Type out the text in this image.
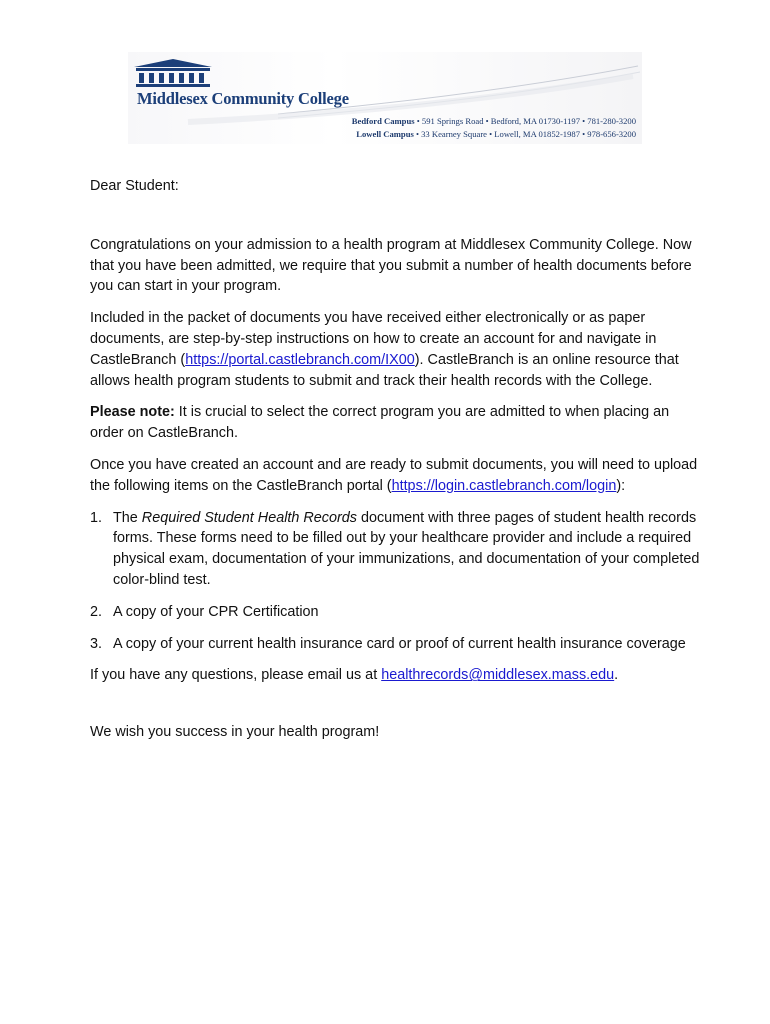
Middlesex Community College
Bedford Campus • 591 Springs Road • Bedford, MA 01730-1197 • 781-280-3200
Lowell Campus • 33 Kearney Square • Lowell, MA 01852-1987 • 978-656-3200

Dear Student:

Congratulations on your admission to a health program at Middlesex Community College. Now that you have been admitted, we require that you submit a number of health documents before you can start in your program.

Included in the packet of documents you have received either electronically or as paper documents, are step-by-step instructions on how to create an account for and navigate in CastleBranch (https://portal.castlebranch.com/IX00). CastleBranch is an online resource that allows health program students to submit and track their health records with the College.

Please note: It is crucial to select the correct program you are admitted to when placing an order on CastleBranch.

Once you have created an account and are ready to submit documents, you will need to upload the following items on the CastleBranch portal (https://login.castlebranch.com/login):

1. The Required Student Health Records document with three pages of student health records forms. These forms need to be filled out by your healthcare provider and include a required physical exam, documentation of your immunizations, and documentation of your completed color-blind test.
2. A copy of your CPR Certification
3. A copy of your current health insurance card or proof of current health insurance coverage

If you have any questions, please email us at healthrecords@middlesex.mass.edu.

We wish you success in your health program!
